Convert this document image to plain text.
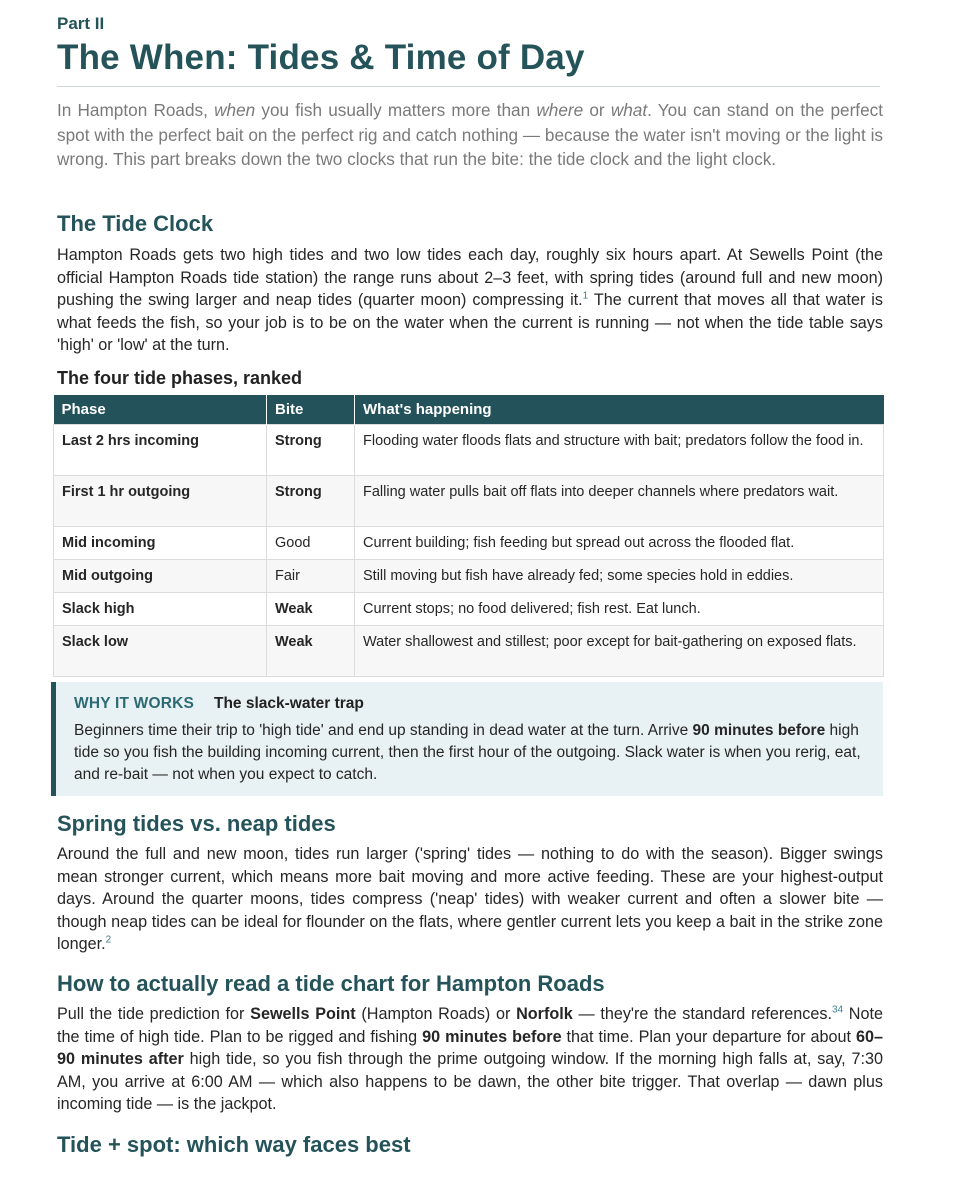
Part II
The When: Tides & Time of Day

In Hampton Roads, when you fish usually matters more than where or what. You can stand on the perfect spot with the perfect bait on the perfect rig and catch nothing — because the water isn't moving or the light is wrong. This part breaks down the two clocks that run the bite: the tide clock and the light clock.

The Tide Clock

Hampton Roads gets two high tides and two low tides each day, roughly six hours apart. At Sewells Point (the official Hampton Roads tide station) the range runs about 2–3 feet, with spring tides (around full and new moon) pushing the swing larger and neap tides (quarter moon) compressing it.$^1$ The current that moves all that water is what feeds the fish, so your job is to be on the water when the current is running — not when the tide table says 'high' or 'low' at the turn.

The four tide phases, ranked
Phase	Bite	What's happening
Last 2 hrs incoming	Strong	Flooding water floods flats and structure with bait; predators follow the food in.
First 1 hr outgoing	Strong	Falling water pulls bait off flats into deeper channels where predators wait.
Mid incoming	Good	Current building; fish feeding but spread out across the flooded flat.
Mid outgoing	Fair	Still moving but fish have already fed; some species hold in eddies.
Slack high	Weak	Current stops; no food delivered; fish rest. Eat lunch.
Slack low	Weak	Water shallowest and stillest; poor except for bait-gathering on exposed flats.
WHY IT WORKS The slack-water trap

Beginners time their trip to 'high tide' and end up standing in dead water at the turn. Arrive 90 minutes before high tide so you fish the building incoming current, then the first hour of the outgoing. Slack water is when you rerig, eat, and re-bait — not when you expect to catch.

Spring tides vs. neap tides

Around the full and new moon, tides run larger ('spring' tides — nothing to do with the season). Bigger swings mean stronger current, which means more bait moving and more active feeding. These are your highest-output days. Around the quarter moons, tides compress ('neap' tides) with weaker current and often a slower bite — though neap tides can be ideal for flounder on the flats, where gentler current lets you keep a bait in the strike zone longer.$^2$

How to actually read a tide chart for Hampton Roads

Pull the tide prediction for Sewells Point (Hampton Roads) or Norfolk — they're the standard references.$^{34}$ Note the time of high tide. Plan to be rigged and fishing 90 minutes before that time. Plan your departure for about 60–90 minutes after high tide, so you fish through the prime outgoing window. If the morning high falls at, say, 7:30 AM, you arrive at 6:00 AM — which also happens to be dawn, the other bite trigger. That overlap — dawn plus incoming tide — is the jackpot.

Tide + spot: which way faces best
